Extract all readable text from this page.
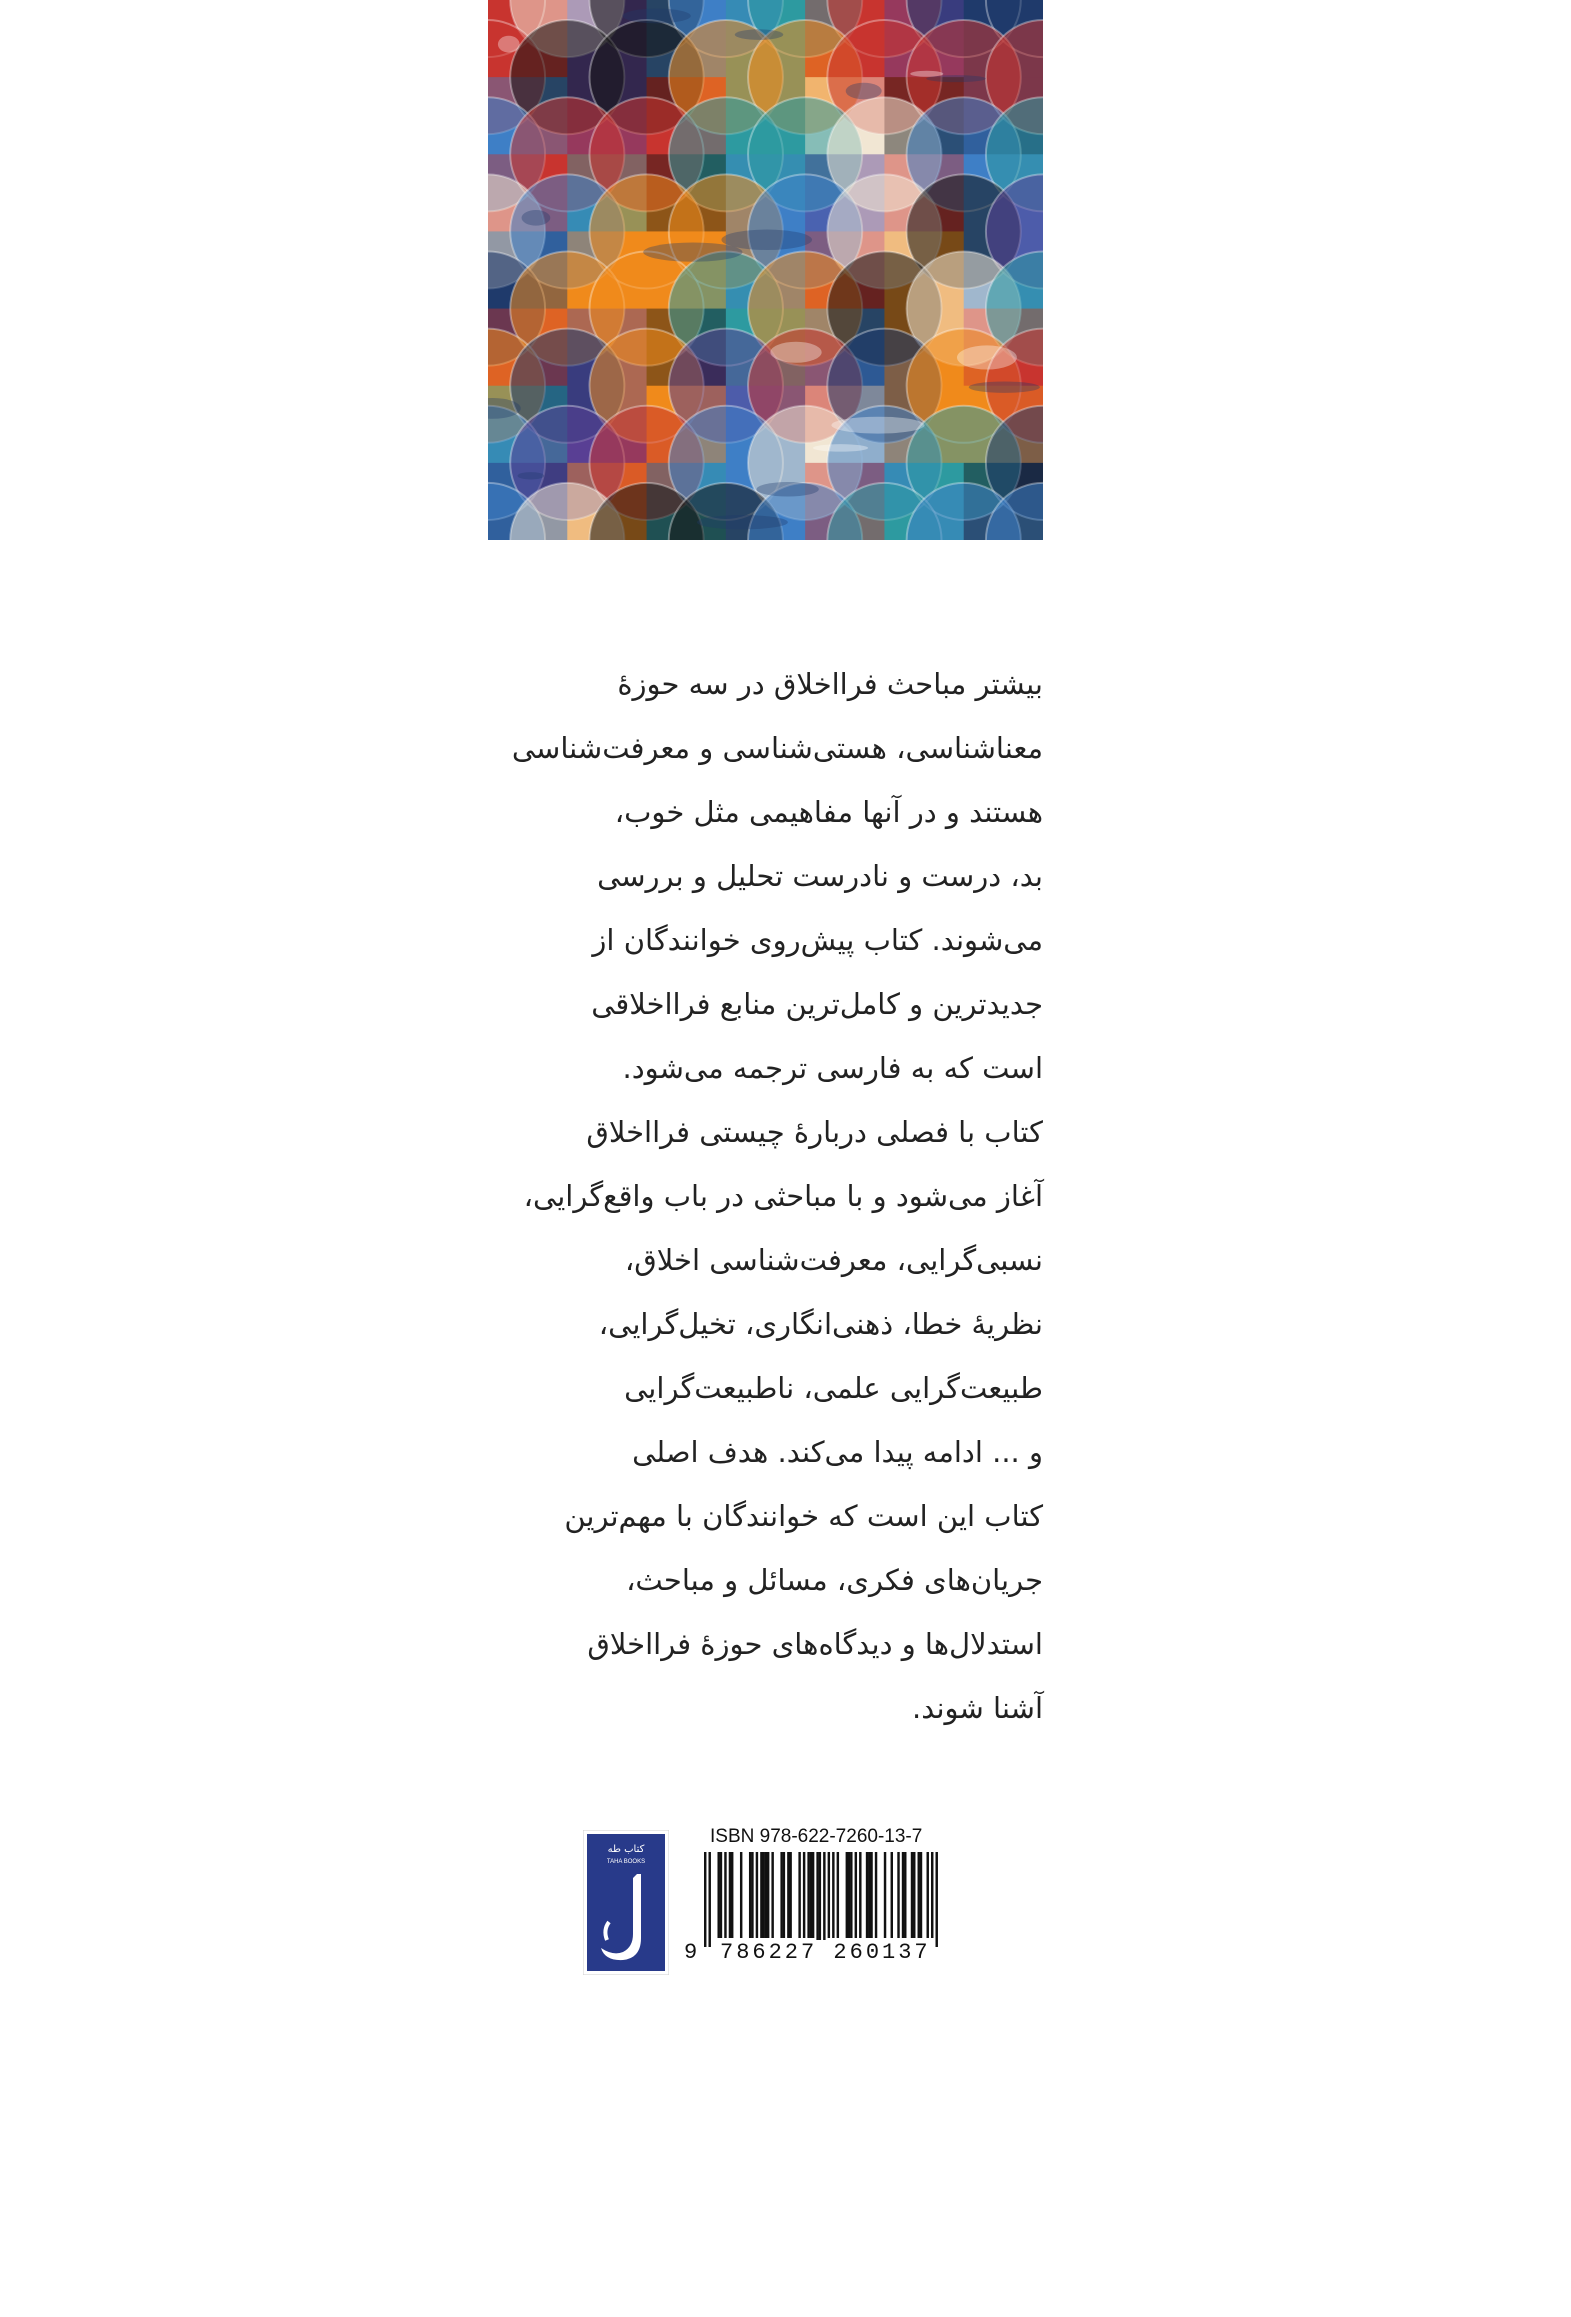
بیشتر مباحث فرااخلاق در سه حوزۀ
معناشناسی، هستی‌شناسی و معرفت‌شناسی
هستند و در آنها مفاهیمی مثل خوب،
بد، درست و نادرست تحلیل و بررسی
می‌شوند. کتاب پیش‌روی خوانندگان از
جدیدترین و کامل‌ترین منابع فرااخلاقی
است که به فارسی ترجمه می‌شود.
کتاب با فصلی دربارۀ چیستی فرااخلاق
آغاز می‌شود و با مباحثی در باب واقع‌گرایی،
نسبی‌گرایی، معرفت‌شناسی اخلاق،
نظریۀ خطا، ذهنی‌انگاری، تخیل‌گرایی،
طبیعت‌گرایی علمی، ناطبیعت‌گرایی
و ... ادامه پیدا می‌کند. هدف اصلی
کتاب این است که خوانندگان با مهم‌ترین
جریان‌های فکری، مسائل و مباحث،
استدلال‌ها و دیدگاه‌های حوزۀ فرااخلاق
آشنا شوند.
کتاب طه
TAHA BOOKS
ISBN 978-622-7260-13-7
9 786227 260137
